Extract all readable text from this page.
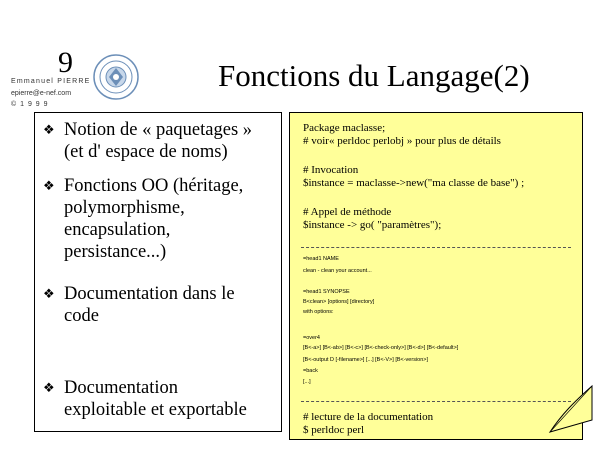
9
Emmanuel PIERRE
epierre@e-nef.com
© 1 9 9 9
Fonctions du Langage(2)
❖ Notion de « paquetages »
(et d' espace de noms)
❖ Fonctions OO (héritage,
polymorphisme,
encapsulation,
persistance...)
❖ Documentation dans le
code
❖ Documentation
exploitable et exportable
Package maclasse;
# voir« perldoc perlobj » pour plus de détails
# Invocation
$instance = maclasse->new("ma classe de base") ;
# Appel de méthode
$instance -> go( "paramètres");
=head1 NAME
clean - clean your account...
=head1 SYNOPSE
B<clean> [options] [directory]
with options:
=over4
[B<-a>] [B<-ab>] [B<-c>] [B<-check-only>] [B<-d>] [B<-default>]
[B<-output D [-filename>] [...] [B<-V>] [B<-version>]
=back
[...]
# lecture de la documentation
$ perldoc perl
